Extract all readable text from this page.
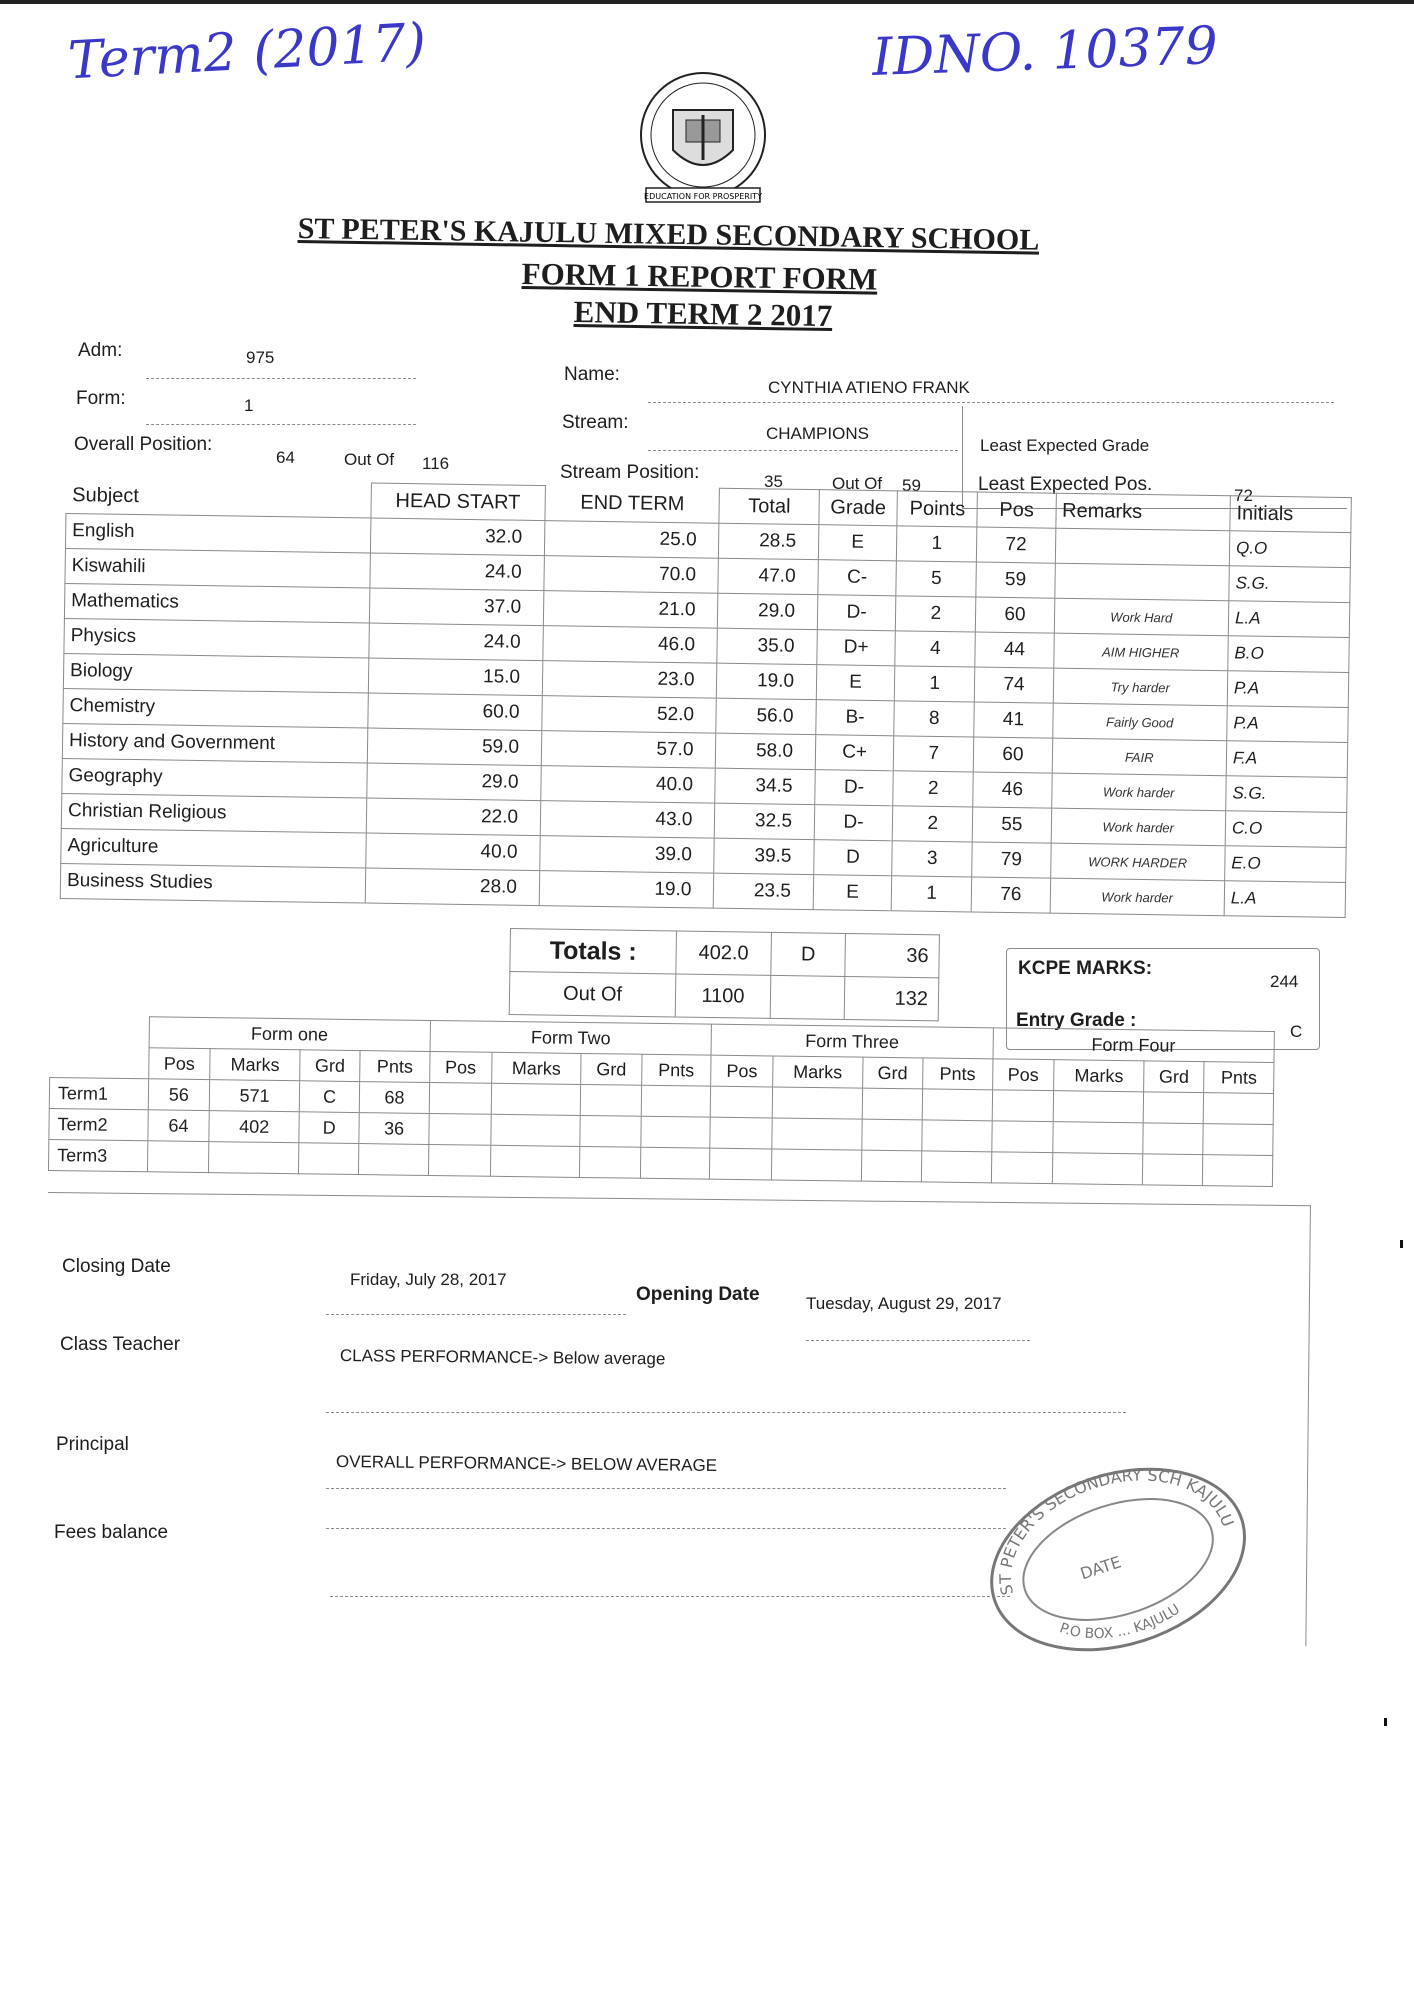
Term2 (2017)	IDNO. 10379
EDUCATION FOR PROSPERITY
ST PETER'S KAJULU MIXED SECONDARY SCHOOL
FORM 1 REPORT FORM
END TERM 2 2017
Adm:	975
Form:	1
Overall Position:
64	Out Of 116
Name:
CYNTHIA ATIENO FRANK
Stream:
CHAMPIONS
Stream Position:	35	Out Of 59
Least Expected Grade
Least Expected Pos.
72
Subject	HEAD START	END TERM	Total	Grade	Points	Pos	Remarks	Initials
English	32.0	25.0	28.5	E	1	72		Q.O
Kiswahili	24.0	70.0	47.0	C-	5	59		S.G.
Mathematics	37.0	21.0	29.0	D-	2	60	Work Hard	L.A
Physics	24.0	46.0	35.0	D+	4	44	AIM HIGHER	B.O
Biology	15.0	23.0	19.0	E	1	74	Try harder	P.A
Chemistry	60.0	52.0	56.0	B-	8	41	Fairly Good	P.A
History and Government	59.0	57.0	58.0	C+	7	60	FAIR	F.A
Geography	29.0	40.0	34.5	D-	2	46	Work harder	S.G.
Christian Religious	22.0	43.0	32.5	D-	2	55	Work harder	C.O
Agriculture	40.0	39.0	39.5	D	3	79	WORK HARDER	E.O
Business Studies	28.0	19.0	23.5	E	1	76	Work harder	L.A
Totals :	402.0	D	36
Out Of	1100		132
KCPE MARKS:
244
Entry Grade :
C
	Form one				Form Two				Form Three				Form Four			
	Pos	Marks	Grd	Pnts	Pos	Marks	Grd	Pnts	Pos	Marks	Grd	Pnts	Pos	Marks	Grd	Pnts
Term1	56	571	C	68												
Term2	64	402	D	36												
Term3																
Closing Date
Friday, July 28, 2017
Opening Date	Tuesday, August 29, 2017
Class Teacher
CLASS PERFORMANCE-> Below average
Principal
OVERALL PERFORMANCE-> BELOW AVERAGE
Fees balance
ST PETER'S SECONDARY SCH KAJULU
DATE
P.O BOX ... KAJULU
